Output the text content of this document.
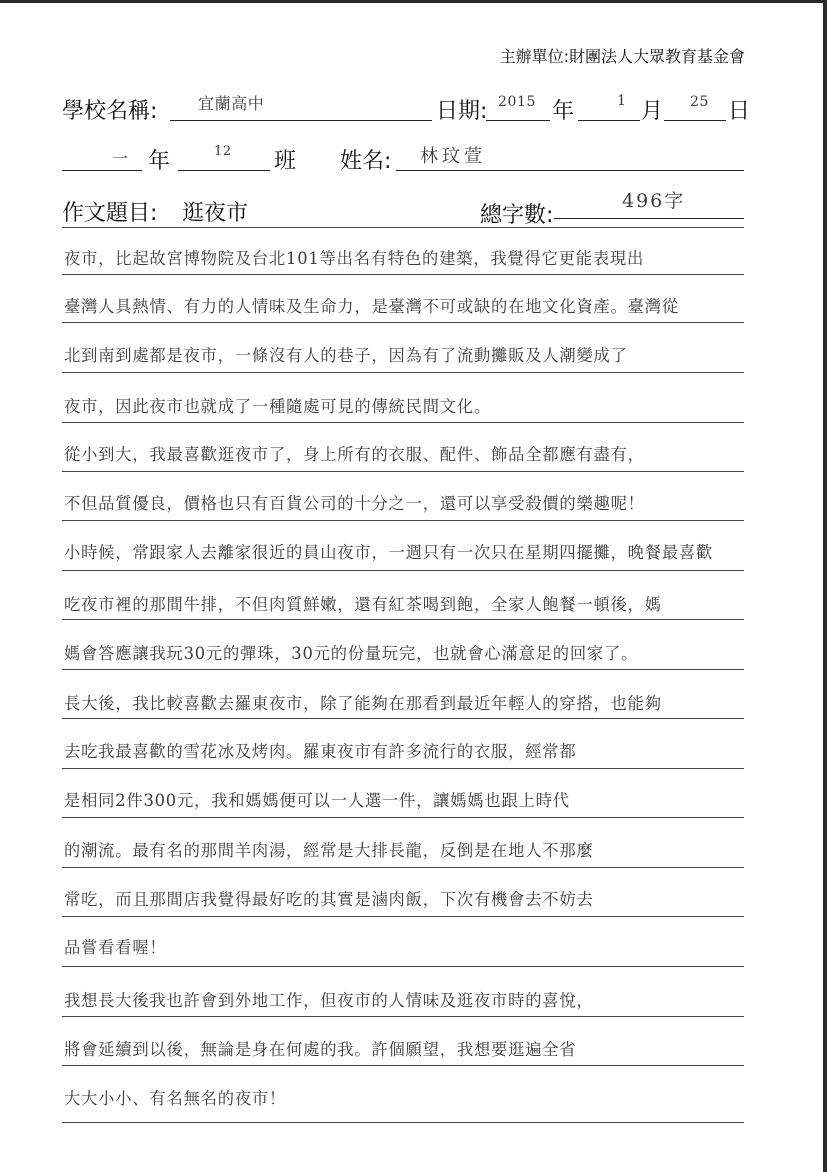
主辦單位:財團法人大眾教育基金會
學校名稱:	宜蘭高中	日期: 2015 年	1 月 25 日
一 年	12 班 姓名: 林玟萱
作文題目: 逛夜市	總字數:
496字
夜市，比起故宮博物院及台北101等出名有特色的建築，我覺得它更能表現出
臺灣人具熱情、有力的人情味及生命力，是臺灣不可或缺的在地文化資產。臺灣從
北到南到處都是夜市，一條沒有人的巷子，因為有了流動攤販及人潮變成了
夜市，因此夜市也就成了一種隨處可見的傳統民間文化。
從小到大，我最喜歡逛夜市了，身上所有的衣服、配件、飾品全都應有盡有，
不但品質優良，價格也只有百貨公司的十分之一，還可以享受殺價的樂趣呢！
小時候，常跟家人去離家很近的員山夜市，一週只有一次只在星期四擺攤，晚餐最喜歡
吃夜市裡的那間牛排，不但肉質鮮嫩，還有紅茶喝到飽，全家人飽餐一頓後，媽
媽會答應讓我玩30元的彈珠，30元的份量玩完，也就會心滿意足的回家了。
長大後，我比較喜歡去羅東夜市，除了能夠在那看到最近年輕人的穿搭，也能夠
去吃我最喜歡的雪花冰及烤肉。羅東夜市有許多流行的衣服，經常都
是相同2件300元，我和媽媽便可以一人選一件，讓媽媽也跟上時代
的潮流。最有名的那間羊肉湯，經常是大排長龍，反倒是在地人不那麼
常吃，而且那間店我覺得最好吃的其實是滷肉飯，下次有機會去不妨去
品嘗看看喔！
我想長大後我也許會到外地工作，但夜市的人情味及逛夜市時的喜悅，
將會延續到以後，無論是身在何處的我。許個願望，我想要逛遍全省
大大小小、有名無名的夜市！
